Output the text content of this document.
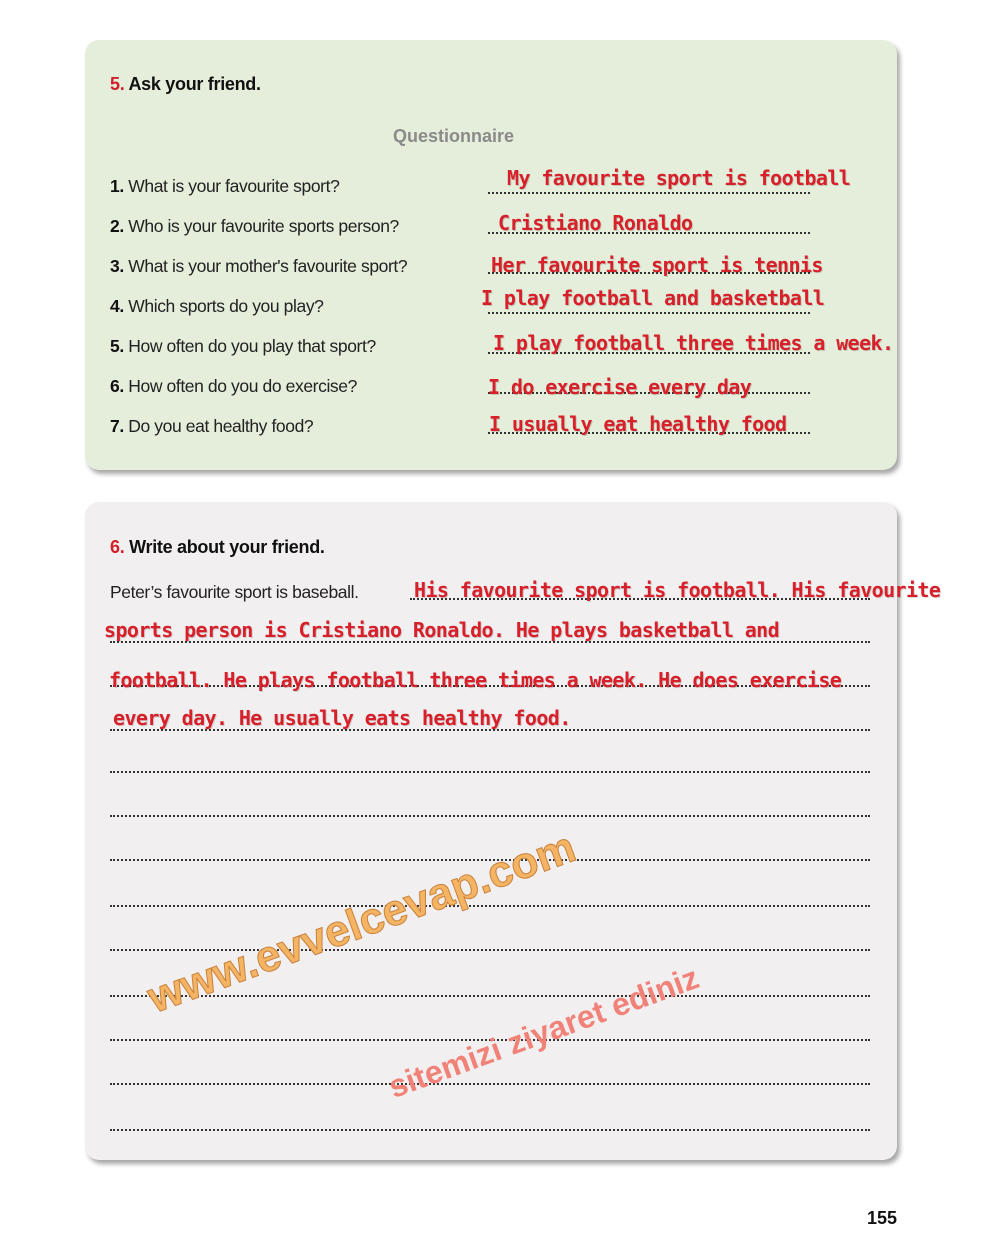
5. Ask your friend.
Questionnaire
1. What is your favourite sport?	My favourite sport is football
2. Who is your favourite sports person?	Cristiano Ronaldo
3. What is your mother's favourite sport?	Her favourite sport is tennis
4. Which sports do you play?	I play football and basketball
5. How often do you play that sport?	I play football three times a week.
6. How often do you do exercise?	I do exercise every day
7. Do you eat healthy food?	I usually eat healthy food
6. Write about your friend.
Peter’s favourite sport is baseball.	His favourite sport is football. His favourite
sports person is Cristiano Ronaldo. He plays basketball and
football. He plays football three times a week. He does exercise
every day. He usually eats healthy food.
www.evvelcevap.com
sitemizi ziyaret ediniz
155
